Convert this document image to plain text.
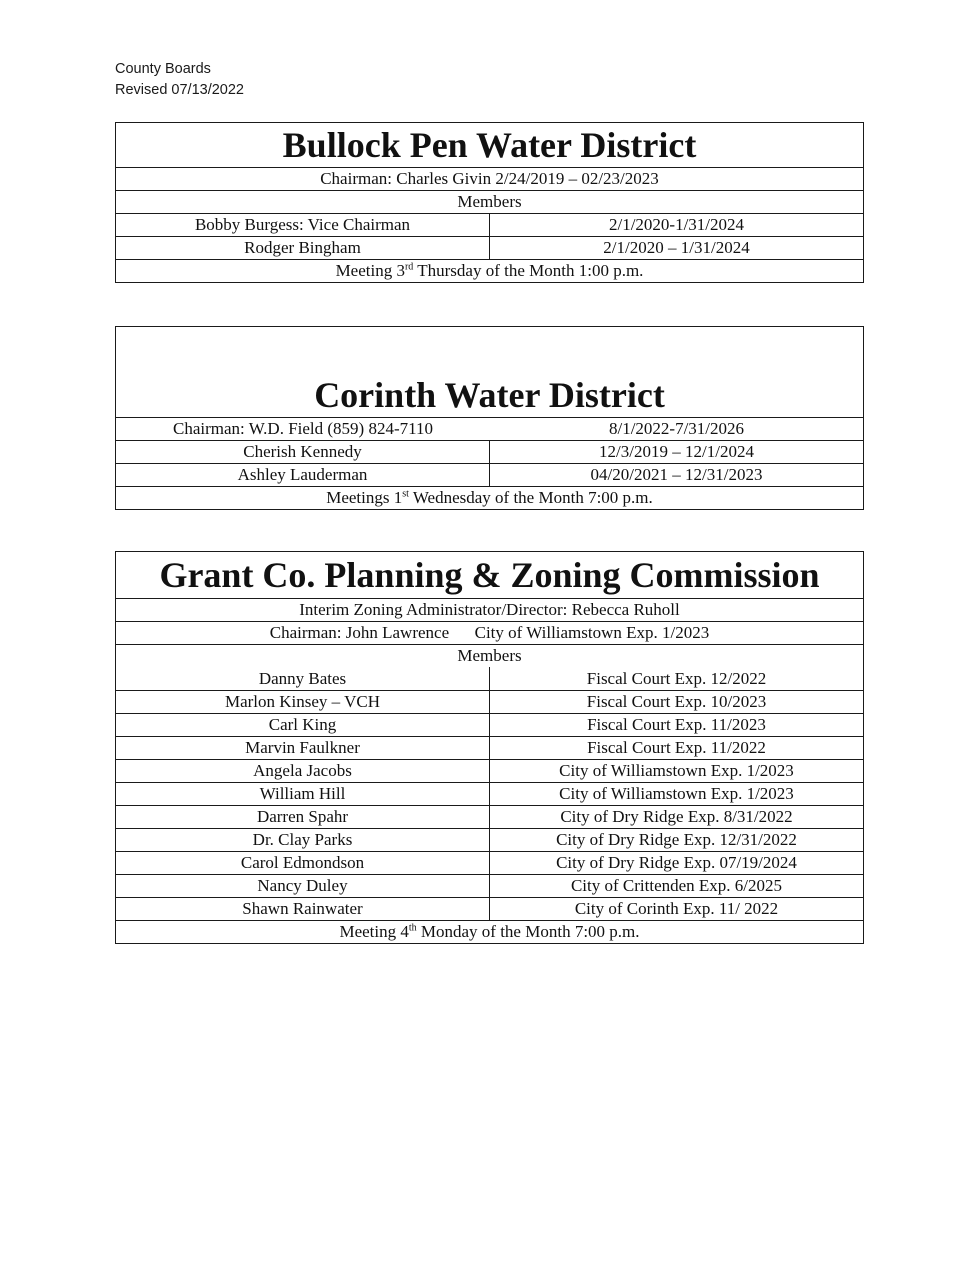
County Boards
Revised 07/13/2022
Bullock Pen Water District
Chairman: Charles Givin 2/24/2019 – 02/23/2023
Members
Bobby Burgess: Vice Chairman	2/1/2020-1/31/2024
Rodger Bingham	2/1/2020 – 1/31/2024
Meeting 3rd Thursday of the Month 1:00 p.m.
Corinth Water District
Chairman: W.D. Field (859) 824-7110	8/1/2022-7/31/2026
Cherish Kennedy	12/3/2019 – 12/1/2024
Ashley Lauderman	04/20/2021 – 12/31/2023
Meetings 1st Wednesday of the Month 7:00 p.m.
Grant Co. Planning & Zoning Commission
Interim Zoning Administrator/Director: Rebecca Ruholl
Chairman: John Lawrence      City of Williamstown Exp. 1/2023
Members
Danny Bates	Fiscal Court Exp. 12/2022
Marlon Kinsey – VCH	Fiscal Court Exp. 10/2023
Carl King	Fiscal Court Exp. 11/2023
Marvin Faulkner	Fiscal Court Exp. 11/2022
Angela Jacobs	City of Williamstown Exp. 1/2023
William Hill	City of Williamstown Exp. 1/2023
Darren Spahr	City of Dry Ridge Exp. 8/31/2022
Dr. Clay Parks	City of Dry Ridge Exp. 12/31/2022
Carol Edmondson	City of Dry Ridge Exp. 07/19/2024
Nancy Duley	City of Crittenden Exp. 6/2025
Shawn Rainwater	City of Corinth Exp. 11/ 2022
Meeting 4th Monday of the Month 7:00 p.m.
